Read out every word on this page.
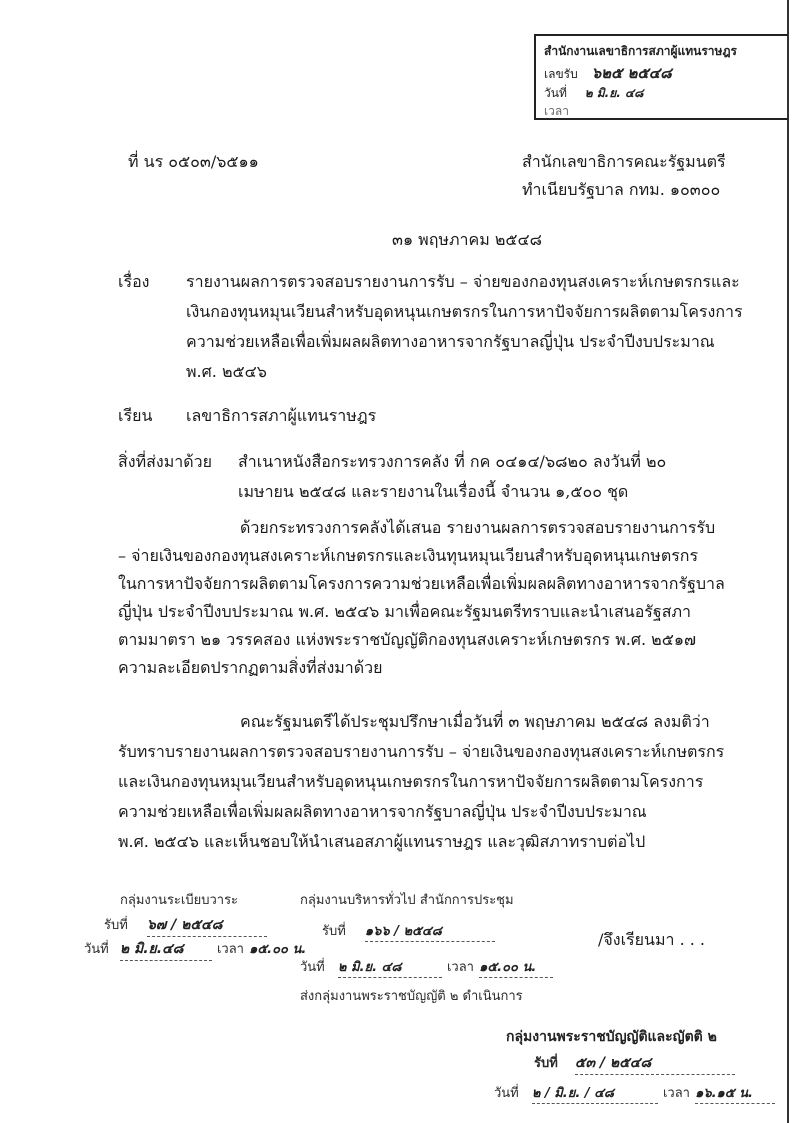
สำนักงานเลขาธิการสภาผู้แทนราษฎร
เลขรับ ๖๒๕ ๒๕๔๘
วันที่ ๒ มิ.ย. ๔๘
เวลา
ที่ นร ๐๕๐๓/๖๕๑๑	สำนักเลขาธิการคณะรัฐมนตรี
ทำเนียบรัฐบาล กทม. ๑๐๓๐๐
๓๑ พฤษภาคม ๒๕๔๘
เรื่อง รายงานผลการตรวจสอบรายงานการรับ – จ่ายของกองทุนสงเคราะห์เกษตรกรและ
เงินกองทุนหมุนเวียนสำหรับอุดหนุนเกษตรกรในการหาปัจจัยการผลิตตามโครงการ
ความช่วยเหลือเพื่อเพิ่มผลผลิตทางอาหารจากรัฐบาลญี่ปุ่น ประจำปีงบประมาณ
พ.ศ. ๒๕๔๖
เรียน เลขาธิการสภาผู้แทนราษฎร
สิ่งที่ส่งมาด้วย สำเนาหนังสือกระทรวงการคลัง ที่ กค ๐๔๑๔/๖๘๒๐ ลงวันที่ ๒๐
เมษายน ๒๕๔๘ และรายงานในเรื่องนี้ จำนวน ๑,๕๐๐ ชุด
ด้วยกระทรวงการคลังได้เสนอ รายงานผลการตรวจสอบรายงานการรับ
– จ่ายเงินของกองทุนสงเคราะห์เกษตรกรและเงินทุนหมุนเวียนสำหรับอุดหนุนเกษตรกร
ในการหาปัจจัยการผลิตตามโครงการความช่วยเหลือเพื่อเพิ่มผลผลิตทางอาหารจากรัฐบาล
ญี่ปุ่น ประจำปีงบประมาณ พ.ศ. ๒๕๔๖ มาเพื่อคณะรัฐมนตรีทราบและนำเสนอรัฐสภา
ตามมาตรา ๒๑ วรรคสอง แห่งพระราชบัญญัติกองทุนสงเคราะห์เกษตรกร พ.ศ. ๒๕๑๗
ความละเอียดปรากฏตามสิ่งที่ส่งมาด้วย
คณะรัฐมนตรีได้ประชุมปรึกษาเมื่อวันที่ ๓ พฤษภาคม ๒๕๔๘ ลงมติว่า
รับทราบรายงานผลการตรวจสอบรายงานการรับ – จ่ายเงินของกองทุนสงเคราะห์เกษตรกร
และเงินกองทุนหมุนเวียนสำหรับอุดหนุนเกษตรกรในการหาปัจจัยการผลิตตามโครงการ
ความช่วยเหลือเพื่อเพิ่มผลผลิตทางอาหารจากรัฐบาลญี่ปุ่น ประจำปีงบประมาณ
พ.ศ. ๒๕๔๖ และเห็นชอบให้นำเสนอสภาผู้แทนราษฎร และวุฒิสภาทราบต่อไป
/จึงเรียนมา . . .
กลุ่มงานระเบียบวาระ
รับที่ ๖๗ / ๒๕๔๘
วันที่ ๒ มิ.ย.๔๘	เวลา ๑๕.๐๐ น.
กลุ่มงานบริหารทั่วไป สำนักการประชุม
รับที่ ๑๖๖ / ๒๕๔๘
วันที่ ๒ มิ.ย. ๔๘	เวลา ๑๕.๐๐ น.
ส่งกลุ่มงานพระราชบัญญัติ ๒ ดำเนินการ
กลุ่มงานพระราชบัญญัติและญัตติ ๒
รับที่ ๕๓ / ๒๕๔๘
วันที่ ๒ / มิ.ย. / ๔๘	เวลา ๑๖.๑๕ น.
